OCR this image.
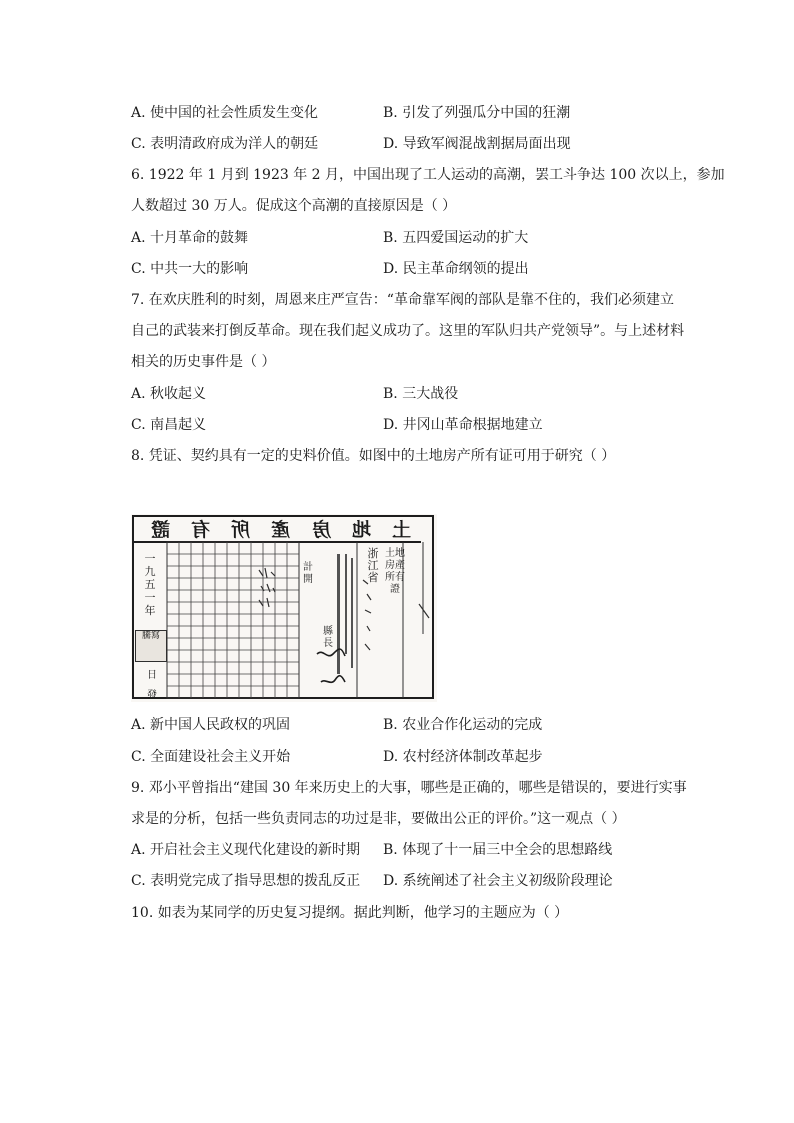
A. 使中国的社会性质发生变化	B. 引发了列强瓜分中国的狂潮
C. 表明清政府成为洋人的朝廷	D. 导致军阀混战割据局面出现
6. 1922 年 1 月到 1923 年 2 月，中国出现了工人运动的高潮，罢工斗争达 100 次以上，参加
人数超过 30 万人。促成这个高潮的直接原因是（ ）
A. 十月革命的鼓舞	B. 五四爱国运动的扩大
C. 中共一大的影响	D. 民主革命纲领的提出
7. 在欢庆胜利的时刻，周恩来庄严宣告：“革命靠军阀的部队是靠不住的，我们必须建立
自己的武装来打倒反革命。现在我们起义成功了。这里的军队归共产党领导”。与上述材料
相关的历史事件是（ ）
A. 秋收起义	B. 三大战役
C. 南昌起义	D. 井冈山革命根据地建立
8. 凭证、契约具有一定的史料价值。如图中的土地房产所有证可用于研究（ ）
證 有 所 產 房 地 土
一九五一年
騰寫
日
發
計開
縣長
浙江省
土地房產所有證
A. 新中国人民政权的巩固	B. 农业合作化运动的完成
C. 全面建设社会主义开始	D. 农村经济体制改革起步
9. 邓小平曾指出“建国 30 年来历史上的大事，哪些是正确的，哪些是错误的，要进行实事
求是的分析，包括一些负责同志的功过是非，要做出公正的评价。”这一观点（ ）
A. 开启社会主义现代化建设的新时期 B. 体现了十一届三中全会的思想路线
C. 表明党完成了指导思想的拨乱反正 D. 系统阐述了社会主义初级阶段理论
10. 如表为某同学的历史复习提纲。据此判断，他学习的主题应为（ ）
